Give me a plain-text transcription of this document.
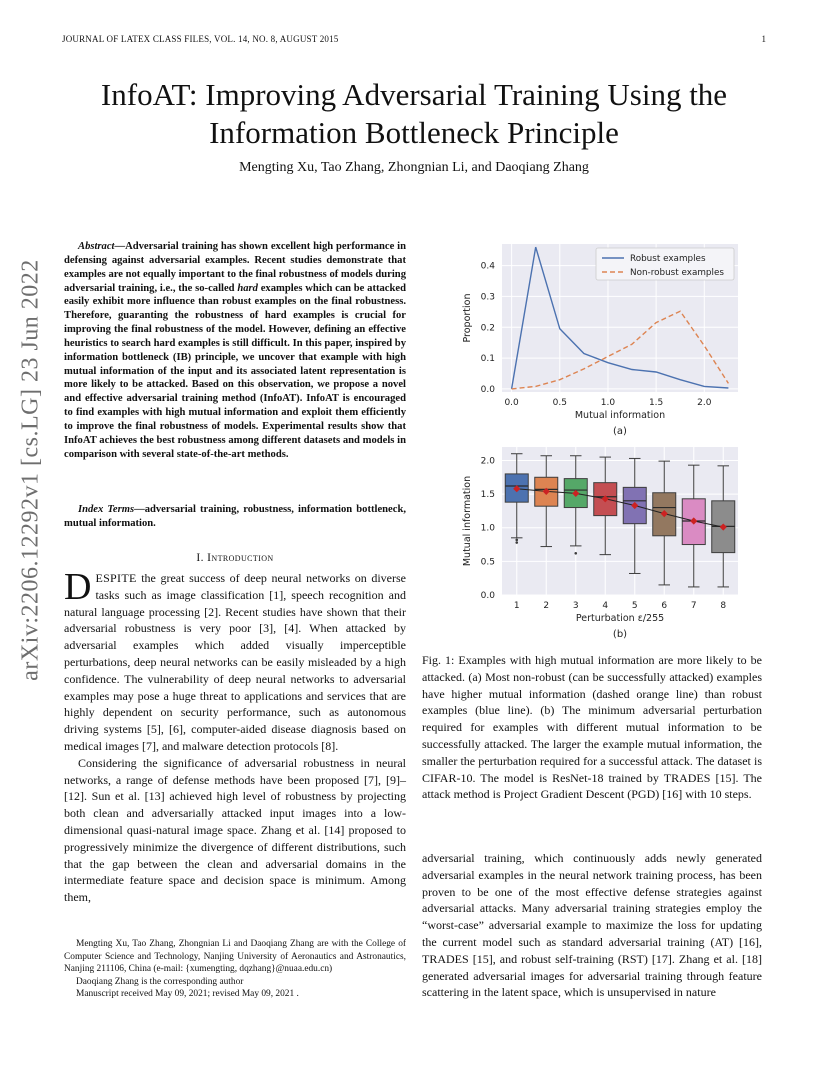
JOURNAL OF LATEX CLASS FILES, VOL. 14, NO. 8, AUGUST 2015	1
InfoAT: Improving Adversarial Training Using the
Information Bottleneck Principle
Mengting Xu, Tao Zhang, Zhongnian Li, and Daoqiang Zhang
arXiv:2206.12292v1 [cs.LG] 23 Jun 2022
Abstract—Adversarial training has shown excellent high performance in defensing against adversarial examples. Recent studies demonstrate that examples are not equally important to the final robustness of models during adversarial training, i.e., the so-called hard examples which can be attacked easily exhibit more influence than robust examples on the final robustness. Therefore, guaranting the robustness of hard examples is crucial for improving the final robustness of the model. However, defining an effective heuristics to search hard examples is still difficult. In this paper, inspired by information bottleneck (IB) principle, we uncover that example with high mutual information of the input and its associated latent representation is more likely to be attacked. Based on this observation, we propose a novel and effective adversarial training method (InfoAT). InfoAT is encouraged to find examples with high mutual information and exploit them efficiently to improve the final robustness of models. Experimental results show that InfoAT achieves the best robustness among different datasets and models in comparison with several state-of-the-art methods.
Index Terms—adversarial training, robustness, information bottleneck, mutual information.
I. Introduction

DESPITE the great success of deep neural networks on diverse tasks such as image classification [1], speech recognition and natural language processing [2]. Recent studies have shown that their adversarial robustness is very poor [3], [4]. When attacked by adversarial examples which added visually imperceptible perturbations, deep neural networks can be easily misleaded by a high confidence. The vulnerability of deep neural networks to adversarial examples may pose a huge threat to applications and services that are highly dependent on security performance, such as autonomous driving systems [5], [6], computer-aided disease diagnosis based on medical images [7], and malware detection protocols [8].

Considering the significance of adversarial robustness in neural networks, a range of defense methods have been proposed [7], [9]–[12]. Sun et al. [13] achieved high level of robustness by projecting both clean and adversarially attacked input images into a low-dimensional quasi-natural image space. Zhang et al. [14] proposed to progressively minimize the divergence of different distributions, such that the gap between the clean and adversarial domains in the intermediate feature space and decision space is minimum. Among them,

Mengting Xu, Tao Zhang, Zhongnian Li and Daoqiang Zhang are with the College of Computer Science and Technology, Nanjing University of Aeronautics and Astronautics, Nanjing 211106, China (e-mail: {xumengting, dqzhang}@nuaa.edu.cn)

Daoqiang Zhang is the corresponding author

Manuscript received May 09, 2021; revised May 09, 2021 .

0.0	0.5	1.0	1.5	2.0
0.0
0.1
0.2
0.3
0.4
Mutual information
Proportion
(a)
Robust examples
Non-robust examples
0.0
0.5
1.0
1.5
2.0
1	2	3	4	5	6	7	8
Perturbation ε/255
Mutual information
(b)
Fig. 1: Examples with high mutual information are more likely to be attacked. (a) Most non-robust (can be successfully attacked) examples have higher mutual information (dashed orange line) than robust examples (blue line). (b) The minimum adversarial perturbation required for examples with different mutual information to be successfully attacked. The larger the example mutual information, the smaller the perturbation required for a successful attack. The dataset is CIFAR-10. The model is ResNet-18 trained by TRADES [15]. The attack method is Project Gradient Descent (PGD) [16] with 10 steps.
adversarial training, which continuously adds newly generated adversarial examples in the neural network training process, has been proven to be one of the most effective defense strategies against adversarial attacks. Many adversarial training strategies employ the “worst-case” adversarial example to maximize the loss for updating the current model such as standard adversarial training (AT) [16], TRADES [15], and robust self-training (RST) [17]. Zhang et al. [18] generated adversarial images for adversarial training through feature scattering in the latent space, which is unsupervised in nature
